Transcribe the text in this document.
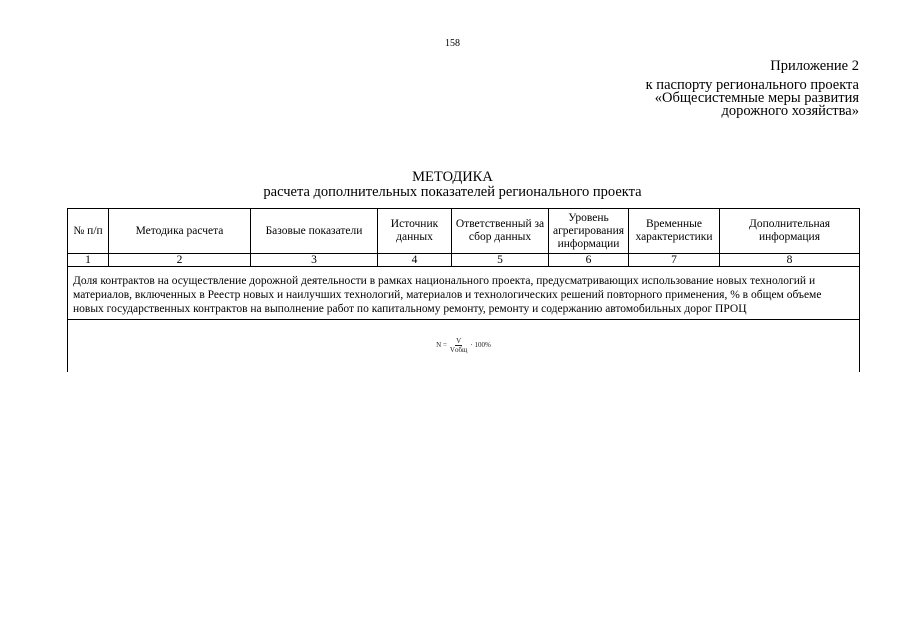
158
Приложение 2
к паспорту регионального проекта
«Общесистемные меры развития
дорожного хозяйства»
МЕТОДИКА
расчета дополнительных показателей регионального проекта
№ п/п	Методика расчета	Базовые показатели	Источник данных	Ответственный за сбор данных	Уровень агрегирования информации	Временные характеристики	Дополнительная информация
1	2	3	4	5	6	7	8
Доля контрактов на осуществление дорожной деятельности в рамках национального проекта, предусматривающих использование новых технологий и материалов, включенных в Реестр новых и наилучших технологий, материалов и технологических решений повторного применения, % в общем объеме новых государственных контрактов на выполнение работ по капитальному ремонту, ремонту и содержанию автомобильных дорог ПРОЦ							

$N = \frac{V}{\text{Vобщ}} \cdot 100\%$							
